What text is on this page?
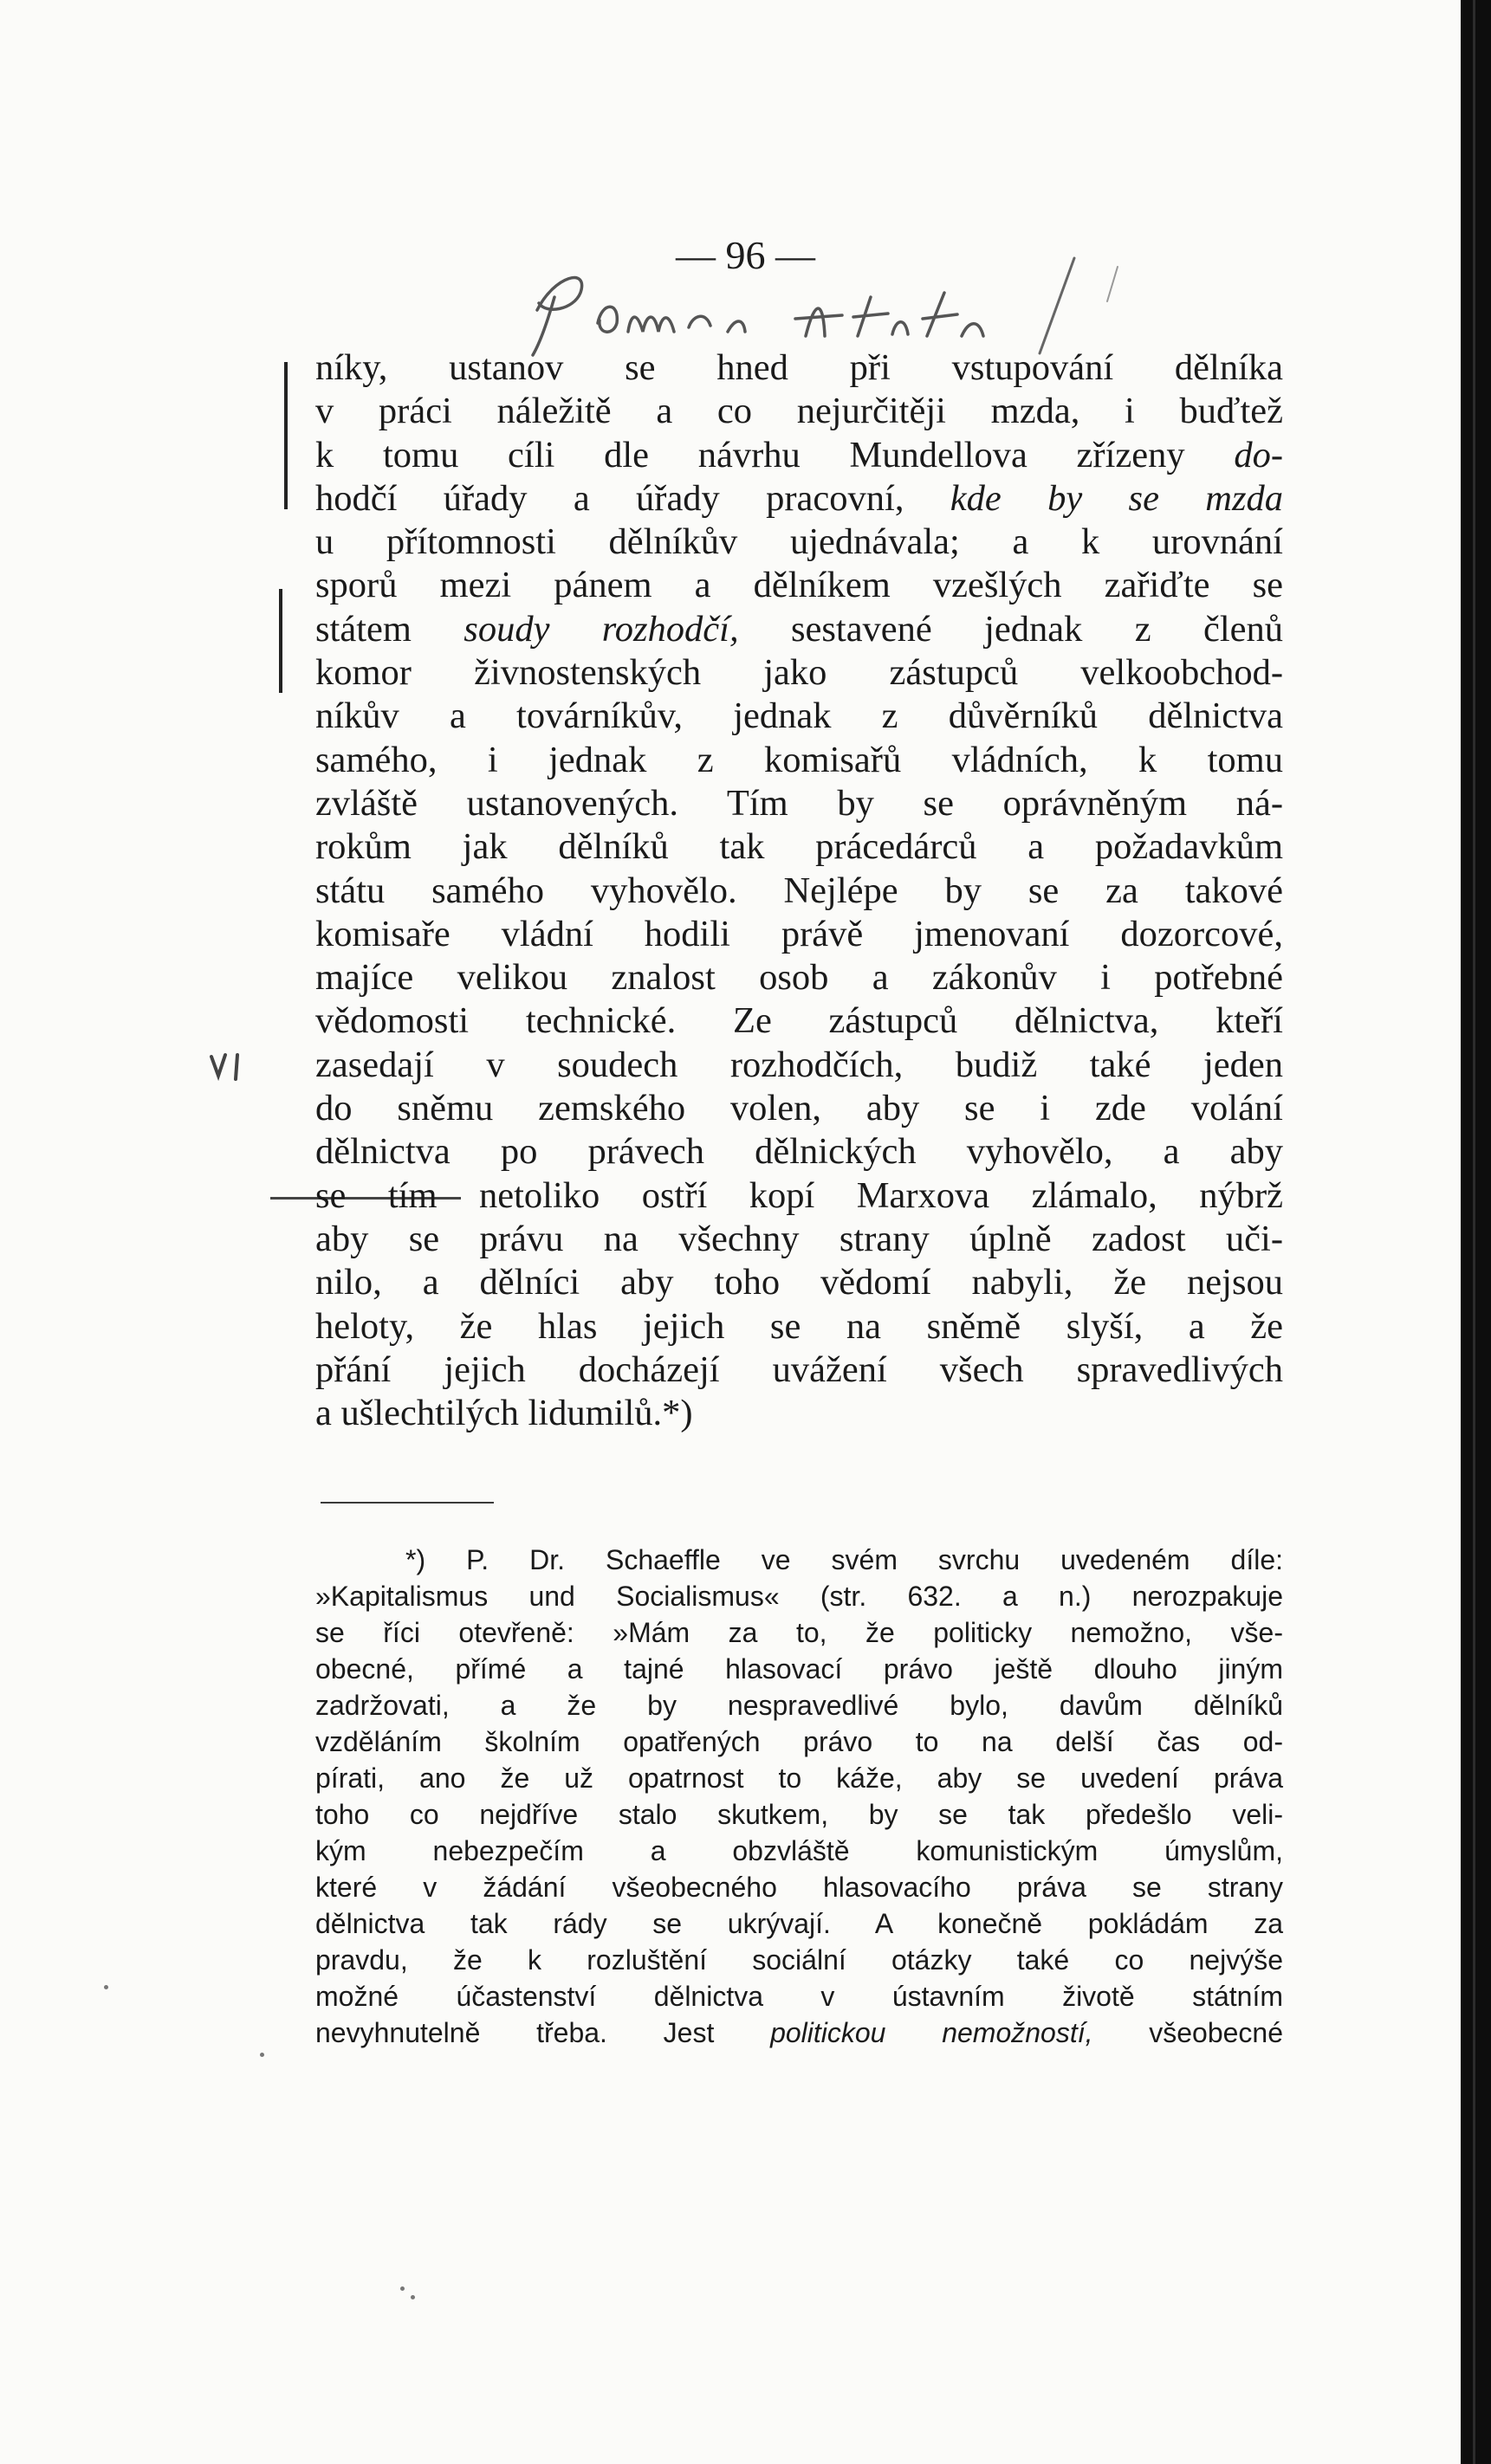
— 96 —
níky, ustanov se hned při vstupování dělníka
v práci náležitě a co nejurčitěji mzda, i buďtež
k tomu cíli dle návrhu Mundellova zřízeny do-
hodčí úřady a úřady pracovní, kde by se mzda
u přítomnosti dělníkův ujednávala; a k urovnání
sporů mezi pánem a dělníkem vzešlých zařiďte se
státem soudy rozhodčí, sestavené jednak z členů
komor živnostenských jako zástupců velkoobchod-
níkův a továrníkův, jednak z důvěrníků dělnictva
samého, i jednak z komisařů vládních, k tomu
zvláště ustanovených. Tím by se oprávněným ná-
rokům jak dělníků tak prácedárců a požadavkům
státu samého vyhovělo. Nejlépe by se za takové
komisaře vládní hodili právě jmenovaní dozorcové,
majíce velikou znalost osob a zákonův i potřebné
vědomosti technické. Ze zástupců dělnictva, kteří
zasedají v soudech rozhodčích, budiž také jeden
do sněmu zemského volen, aby se i zde volání
dělnictva po právech dělnických vyhovělo, a aby
se tím netoliko ostří kopí Marxova zlámalo, nýbrž
aby se právu na všechny strany úplně zadost uči-
nilo, a dělníci aby toho vědomí nabyli, že nejsou
heloty, že hlas jejich se na sněmě slyší, a že
přání jejich docházejí uvážení všech spravedlivých
a ušlechtilých lidumilů.*)
*) P. Dr. Schaeffle ve svém svrchu uvedeném díle:
»Kapitalismus und Socialismus« (str. 632. a n.) nerozpakuje
se říci otevřeně: »Mám za to, že politicky nemožno, vše-
obecné, přímé a tajné hlasovací právo ještě dlouho jiným
zadržovati, a že by nespravedlivé bylo, davům dělníků
vzděláním školním opatřených právo to na delší čas od-
pírati, ano že už opatrnost to káže, aby se uvedení práva
toho co nejdříve stalo skutkem, by se tak předešlo veli-
kým nebezpečím a obzvláště komunistickým úmyslům,
které v žádání všeobecného hlasovacího práva se strany
dělnictva tak rády se ukrývají. A konečně pokládám za
pravdu, že k rozluštění sociální otázky také co nejvýše
možné účastenství dělnictva v ústavním životě státním
nevyhnutelně třeba. Jest politickou nemožností, všeobecné
